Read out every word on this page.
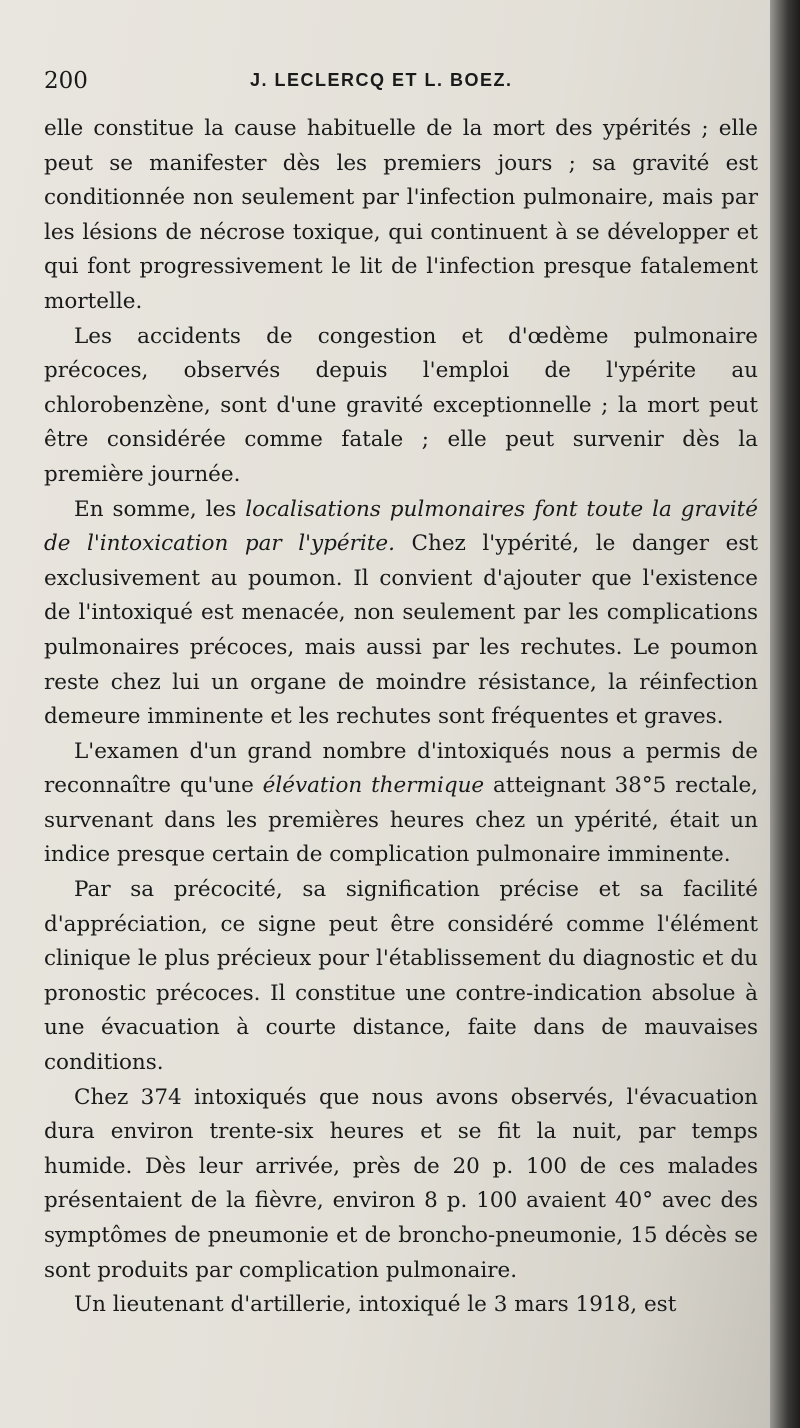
200	J. LECLERCQ ET L. BOEZ.

elle constitue la cause habituelle de la mort des ypérités ; elle peut se manifester dès les premiers jours ; sa gravité est conditionnée non seulement par l'infection pulmonaire, mais par les lésions de nécrose toxique, qui continuent à se développer et qui font progressivement le lit de l'infection presque fatalement mortelle.

Les accidents de congestion et d'œdème pulmonaire précoces, observés depuis l'emploi de l'ypérite au chlorobenzène, sont d'une gravité exceptionnelle ; la mort peut être considérée comme fatale ; elle peut survenir dès la première journée.

En somme, les localisations pulmonaires font toute la gravité de l'intoxication par l'ypérite. Chez l'ypérité, le danger est exclusivement au poumon. Il convient d'ajouter que l'existence de l'intoxiqué est menacée, non seulement par les complications pulmonaires précoces, mais aussi par les rechutes. Le poumon reste chez lui un organe de moindre résistance, la réinfection demeure imminente et les rechutes sont fréquentes et graves.

L'examen d'un grand nombre d'intoxiqués nous a permis de reconnaître qu'une élévation thermique atteignant 38°5 rectale, survenant dans les premières heures chez un ypérité, était un indice presque certain de complication pulmonaire imminente.

Par sa précocité, sa signification précise et sa facilité d'appréciation, ce signe peut être considéré comme l'élément clinique le plus précieux pour l'établissement du diagnostic et du pronostic précoces. Il constitue une contre-indication absolue à une évacuation à courte distance, faite dans de mauvaises conditions.

Chez 374 intoxiqués que nous avons observés, l'évacuation dura environ trente-six heures et se fit la nuit, par temps humide. Dès leur arrivée, près de 20 p. 100 de ces malades présentaient de la fièvre, environ 8 p. 100 avaient 40° avec des symptômes de pneumonie et de broncho-pneumonie, 15 décès se sont produits par complication pulmonaire.

Un lieutenant d'artillerie, intoxiqué le 3 mars 1918, est
